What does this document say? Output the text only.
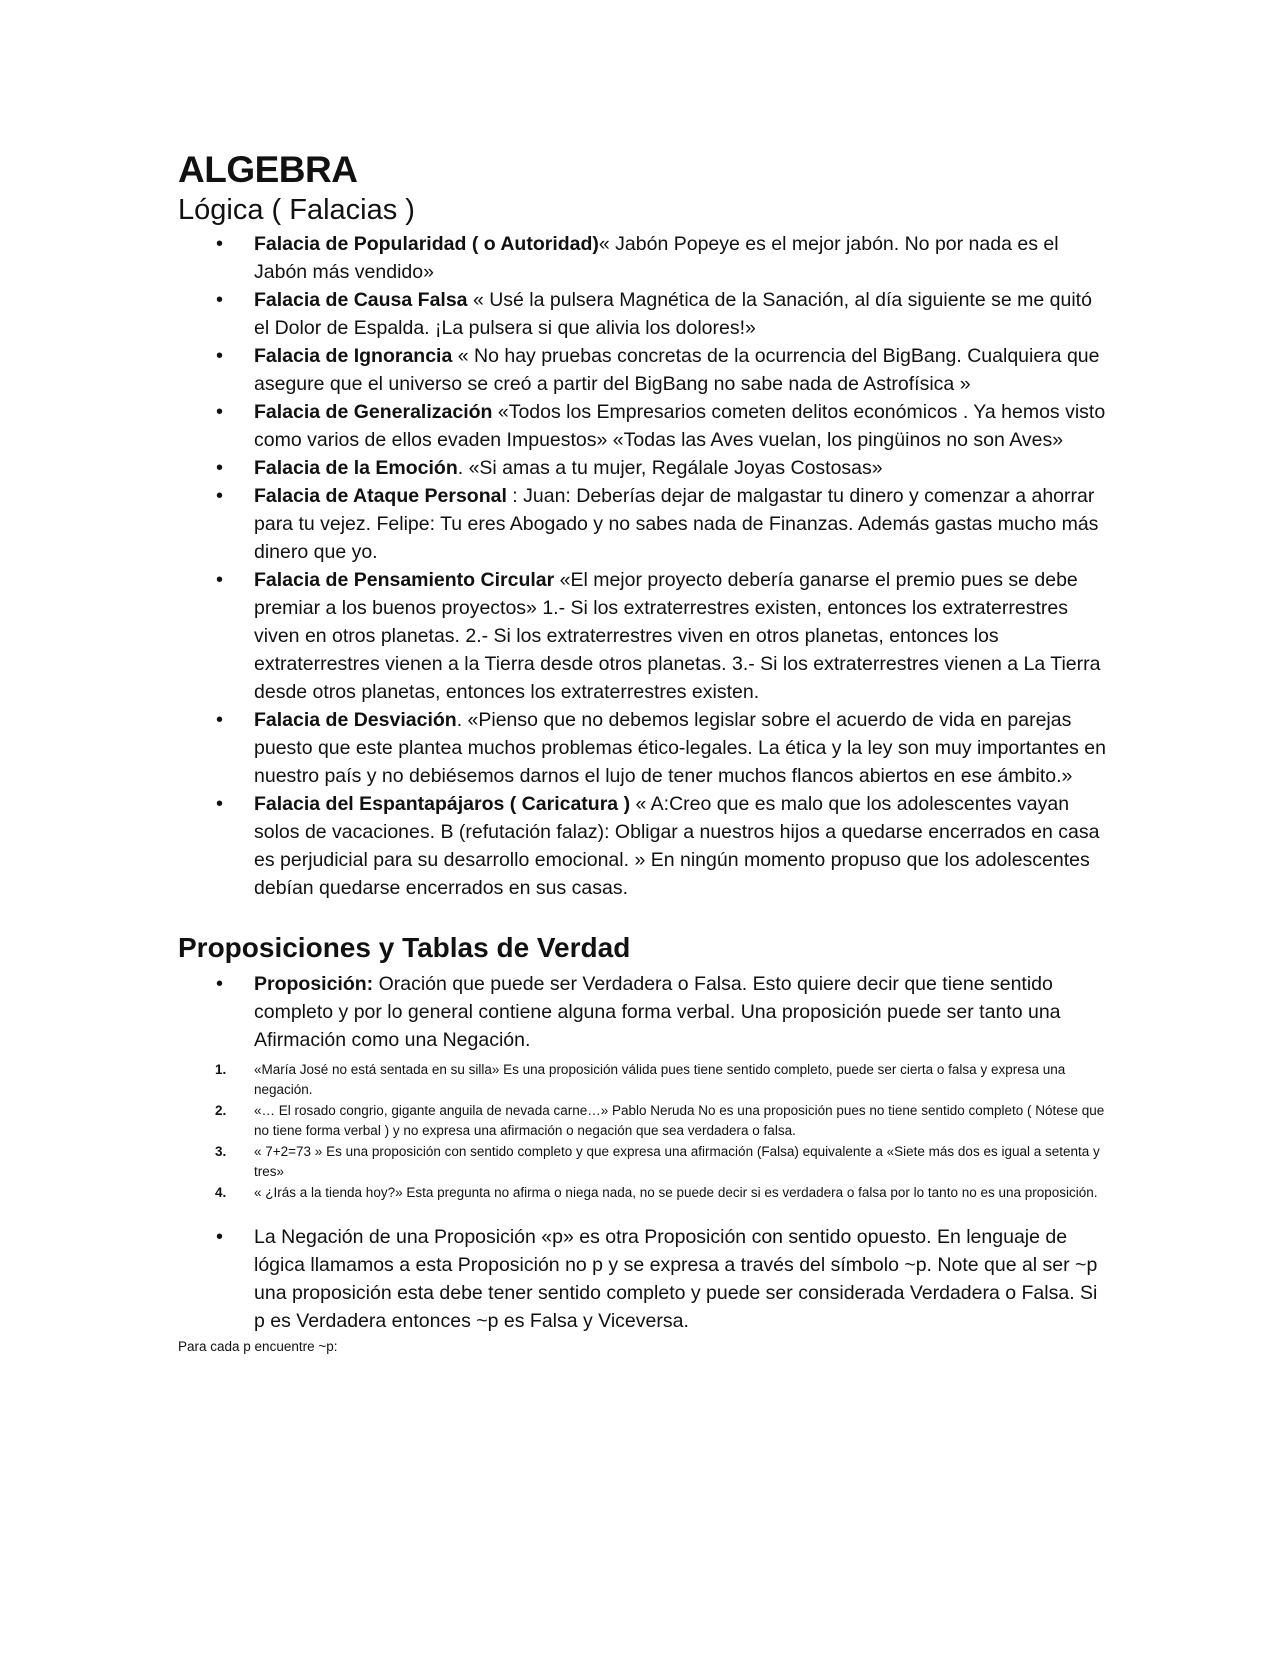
ALGEBRA
Lógica ( Falacias )
• Falacia de Popularidad ( o Autoridad)« Jabón Popeye es el mejor jabón. No por nada es el Jabón más vendido»
• Falacia de Causa Falsa « Usé la pulsera Magnética de la Sanación, al día siguiente se me quitó el Dolor de Espalda. ¡La pulsera si que alivia los dolores!»
• Falacia de Ignorancia « No hay pruebas concretas de la ocurrencia del BigBang. Cualquiera que asegure que el universo se creó a partir del BigBang no sabe nada de Astrofísica »
• Falacia de Generalización «Todos los Empresarios cometen delitos económicos . Ya hemos visto como varios de ellos evaden Impuestos» «Todas las Aves vuelan, los pingüinos no son Aves»
• Falacia de la Emoción. «Si amas a tu mujer, Regálale Joyas Costosas»
• Falacia de Ataque Personal : Juan: Deberías dejar de malgastar tu dinero y comenzar a ahorrar para tu vejez. Felipe: Tu eres Abogado y no sabes nada de Finanzas. Además gastas mucho más dinero que yo.
• Falacia de Pensamiento Circular «El mejor proyecto debería ganarse el premio pues se debe premiar a los buenos proyectos» 1.- Si los extraterrestres existen, entonces los extraterrestres viven en otros planetas. 2.- Si los extraterrestres viven en otros planetas, entonces los extraterrestres vienen a la Tierra desde otros planetas. 3.- Si los extraterrestres vienen a La Tierra desde otros planetas, entonces los extraterrestres existen.
• Falacia de Desviación. «Pienso que no debemos legislar sobre el acuerdo de vida en parejas puesto que este plantea muchos problemas ético-legales. La ética y la ley son muy importantes en nuestro país y no debiésemos darnos el lujo de tener muchos flancos abiertos en ese ámbito.»
• Falacia del Espantapájaros ( Caricatura ) « A:Creo que es malo que los adolescentes vayan solos de vacaciones. B (refutación falaz): Obligar a nuestros hijos a quedarse encerrados en casa es perjudicial para su desarrollo emocional. » En ningún momento propuso que los adolescentes debían quedarse encerrados en sus casas.
Proposiciones y Tablas de Verdad
• Proposición: Oración que puede ser Verdadera o Falsa. Esto quiere decir que tiene sentido completo y por lo general contiene alguna forma verbal. Una proposición puede ser tanto una Afirmación como una Negación.
1. «María José no está sentada en su silla» Es una proposición válida pues tiene sentido completo, puede ser cierta o falsa y expresa una negación.
2. «… El rosado congrio, gigante anguila de nevada carne…» Pablo Neruda No es una proposición pues no tiene sentido completo ( Nótese que no tiene forma verbal ) y no expresa una afirmación o negación que sea verdadera o falsa.
3. « 7+2=73 » Es una proposición con sentido completo y que expresa una afirmación (Falsa) equivalente a «Siete más dos es igual a setenta y tres»
4. « ¿Irás a la tienda hoy?» Esta pregunta no afirma o niega nada, no se puede decir si es verdadera o falsa por lo tanto no es una proposición.
• La Negación de una Proposición «p» es otra Proposición con sentido opuesto. En lenguaje de lógica llamamos a esta Proposición no p y se expresa a través del símbolo ~p. Note que al ser ~p una proposición esta debe tener sentido completo y puede ser considerada Verdadera o Falsa. Si p es Verdadera entonces ~p es Falsa y Viceversa.

Para cada p encuentre ~p:
